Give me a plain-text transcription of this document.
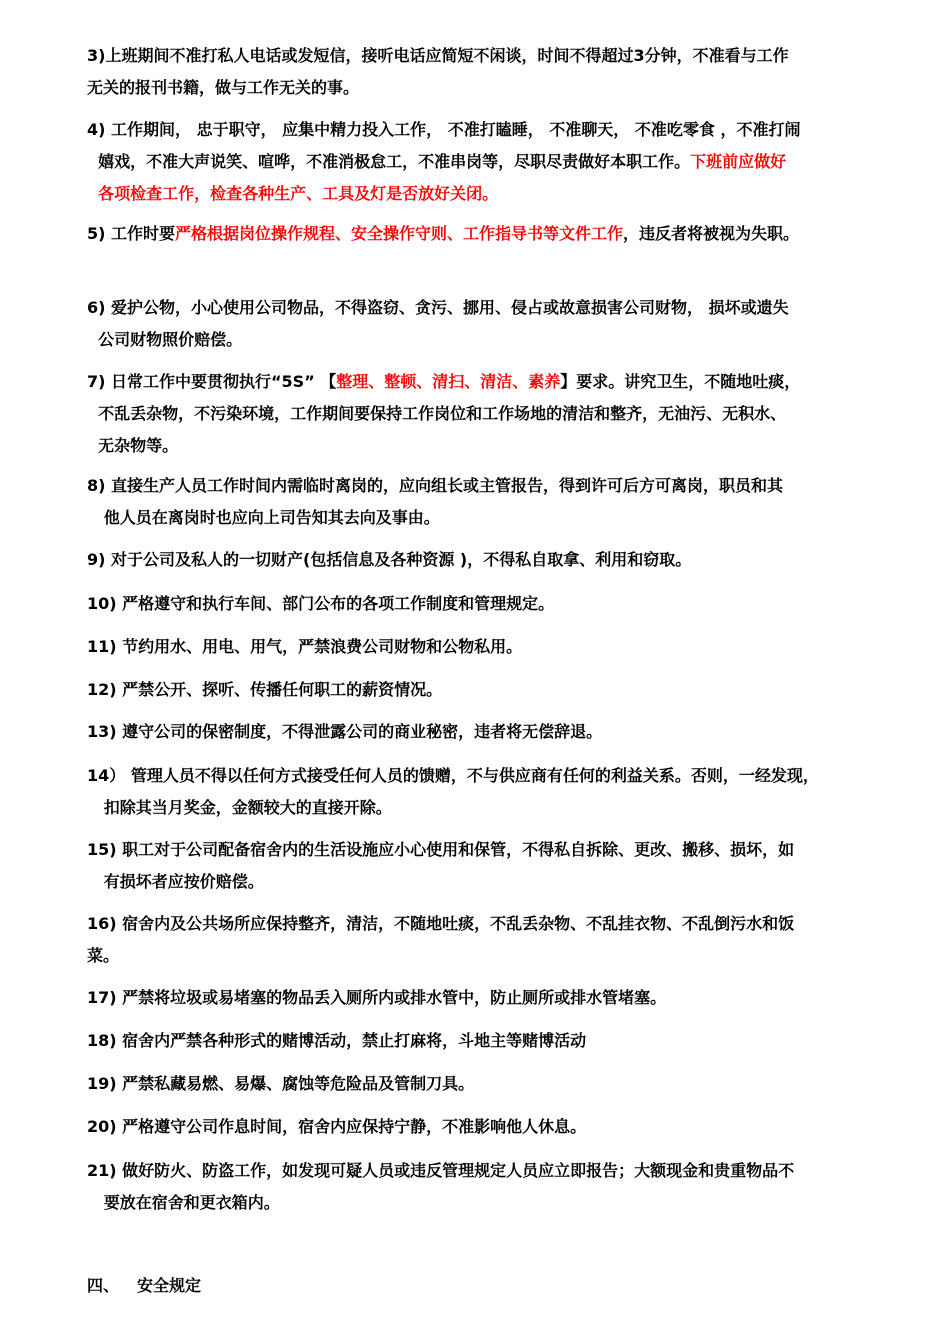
3)上班期间不准打私人电话或发短信，接听电话应简短不闲谈，时间不得超过3分钟，不准看与工作
无关的报刊书籍，做与工作无关的事。
4) 工作期间， 忠于职守， 应集中精力投入工作， 不准打瞌睡， 不准聊天， 不准吃零食 ，不准打闹
嬉戏，不准大声说笑、喧哗，不准消极怠工，不准串岗等，尽职尽责做好本职工作。下班前应做好
各项检查工作，检查各种生产、工具及灯是否放好关闭。
5) 工作时要严格根据岗位操作规程、安全操作守则、工作指导书等文件工作，违反者将被视为失职。
6) 爱护公物，小心使用公司物品，不得盗窃、贪污、挪用、侵占或故意损害公司财物， 损坏或遗失
公司财物照价赔偿。
7) 日常工作中要贯彻执行“5S” 【整理、整顿、清扫、清洁、素养】要求。讲究卫生，不随地吐痰，
不乱丢杂物，不污染环境，工作期间要保持工作岗位和工作场地的清洁和整齐，无油污、无积水、
无杂物等。
8) 直接生产人员工作时间内需临时离岗的，应向组长或主管报告，得到许可后方可离岗，职员和其
他人员在离岗时也应向上司告知其去向及事由。
9) 对于公司及私人的一切财产(包括信息及各种资源 )，不得私自取拿、利用和窃取。
10) 严格遵守和执行车间、部门公布的各项工作制度和管理规定。
11) 节约用水、用电、用气，严禁浪费公司财物和公物私用。
12) 严禁公开、探听、传播任何职工的薪资情况。
13) 遵守公司的保密制度，不得泄露公司的商业秘密，违者将无偿辞退。
14） 管理人员不得以任何方式接受任何人员的馈赠，不与供应商有任何的利益关系。否则，一经发现，
扣除其当月奖金，金额较大的直接开除。
15) 职工对于公司配备宿舍内的生活设施应小心使用和保管，不得私自拆除、更改、搬移、损坏，如
有损坏者应按价赔偿。
16) 宿舍内及公共场所应保持整齐，清洁，不随地吐痰，不乱丢杂物、不乱挂衣物、不乱倒污水和饭
菜。
17) 严禁将垃圾或易堵塞的物品丢入厕所内或排水管中，防止厕所或排水管堵塞。
18) 宿舍内严禁各种形式的赌博活动，禁止打麻将，斗地主等赌博活动
19) 严禁私藏易燃、易爆、腐蚀等危险品及管制刀具。
20) 严格遵守公司作息时间，宿舍内应保持宁静，不准影响他人休息。
21) 做好防火、防盗工作，如发现可疑人员或违反管理规定人员应立即报告；大额现金和贵重物品不
要放在宿舍和更衣箱内。
四、 安全规定
